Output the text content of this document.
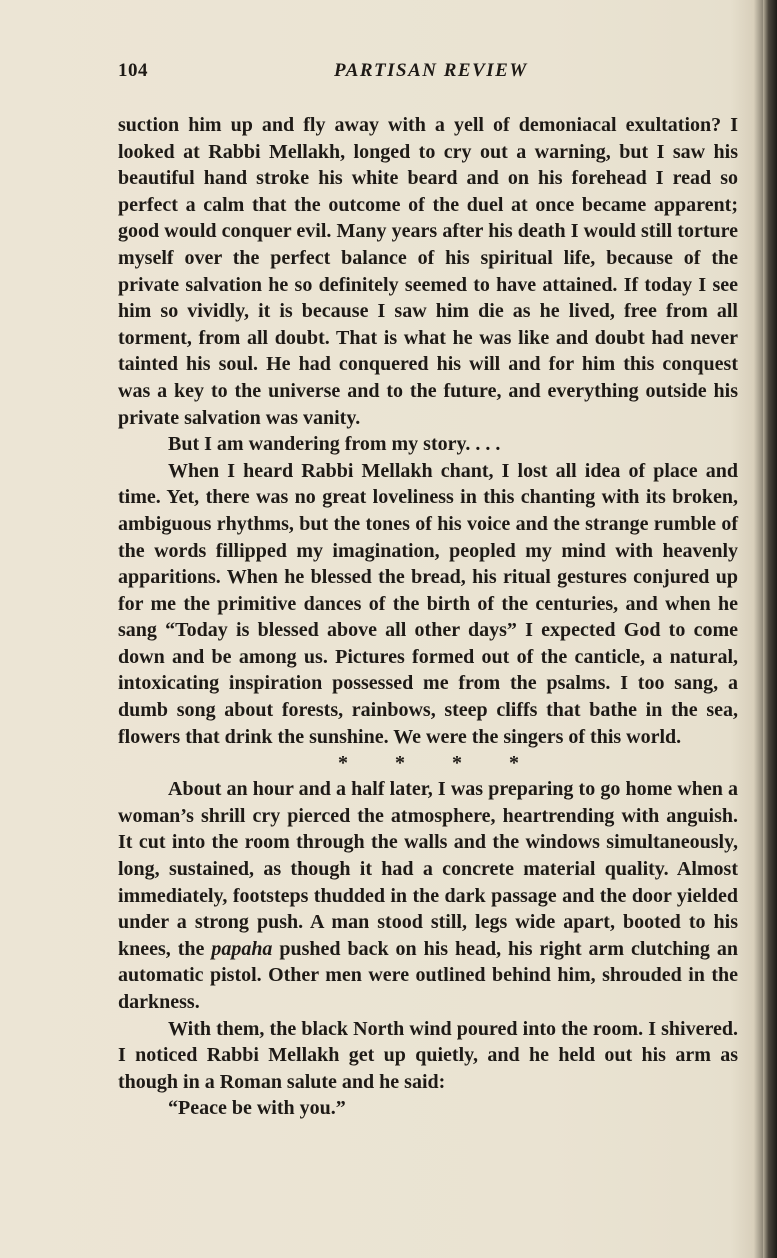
104	PARTISAN REVIEW

suction him up and fly away with a yell of demoniacal exultation? I looked at Rabbi Mellakh, longed to cry out a warning, but I saw his beautiful hand stroke his white beard and on his forehead I read so perfect a calm that the outcome of the duel at once became apparent; good would conquer evil. Many years after his death I would still torture myself over the perfect balance of his spiritual life, because of the private salvation he so definitely seemed to have attained. If today I see him so vividly, it is because I saw him die as he lived, free from all torment, from all doubt. That is what he was like and doubt had never tainted his soul. He had conquered his will and for him this conquest was a key to the universe and to the future, and everything outside his private salvation was vanity.

But I am wandering from my story. . . .

When I heard Rabbi Mellakh chant, I lost all idea of place and time. Yet, there was no great loveliness in this chanting with its broken, ambiguous rhythms, but the tones of his voice and the strange rumble of the words fillipped my imagination, peopled my mind with heavenly apparitions. When he blessed the bread, his ritual gestures conjured up for me the primitive dances of the birth of the centuries, and when he sang “Today is blessed above all other days” I expected God to come down and be among us. Pictures formed out of the canticle, a natural, intoxicating inspiration possessed me from the psalms. I too sang, a dumb song about forests, rainbows, steep cliffs that bathe in the sea, flowers that drink the sunshine. We were the singers of this world.

* * * *

About an hour and a half later, I was preparing to go home when a woman’s shrill cry pierced the atmosphere, heartrending with anguish. It cut into the room through the walls and the windows simultaneously, long, sustained, as though it had a concrete material quality. Almost immediately, footsteps thudded in the dark passage and the door yielded under a strong push. A man stood still, legs wide apart, booted to his knees, the papaha pushed back on his head, his right arm clutching an automatic pistol. Other men were outlined behind him, shrouded in the darkness.

With them, the black North wind poured into the room. I shivered. I noticed Rabbi Mellakh get up quietly, and he held out his arm as though in a Roman salute and he said:

“Peace be with you.”
